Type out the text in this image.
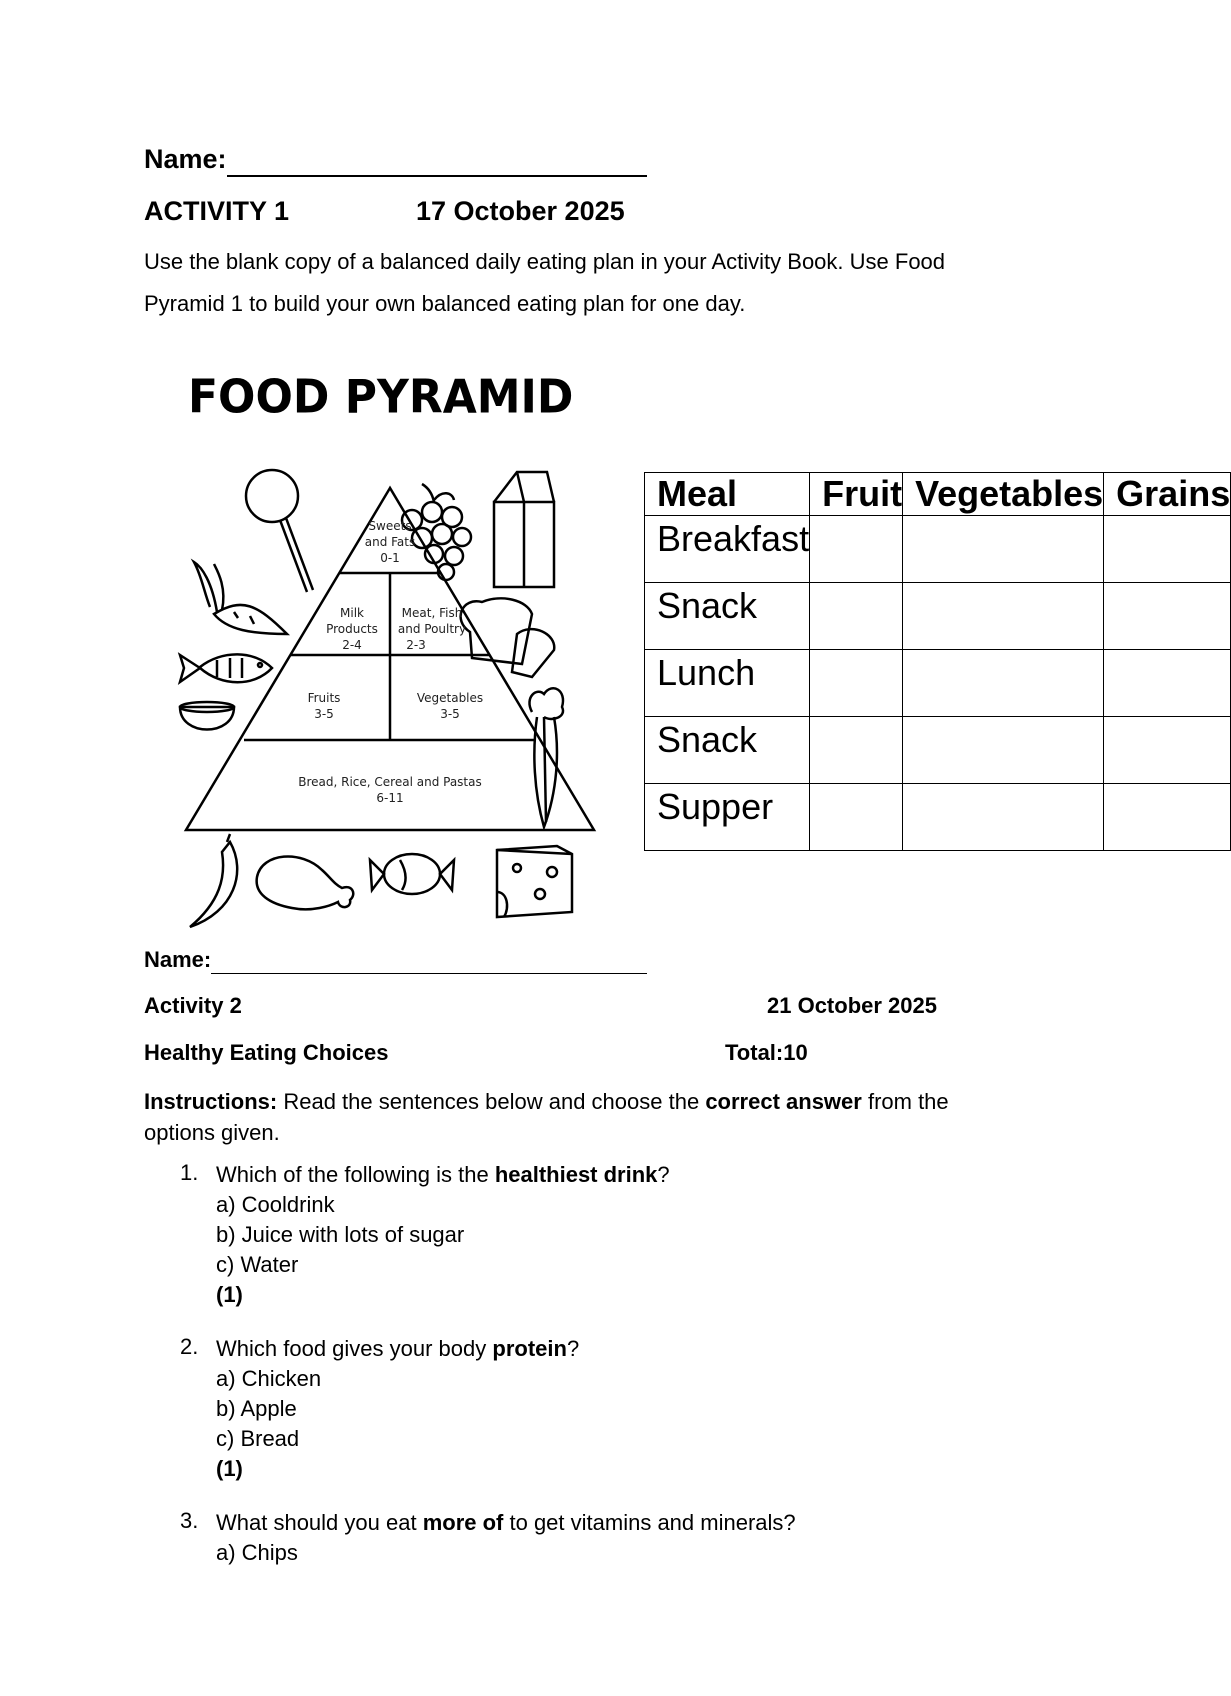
Name:
ACTIVITY 1	17 October 2025
Use the blank copy of a balanced daily eating plan in your Activity Book. Use Food
Pyramid 1 to build your own balanced eating plan for one day.
FOOD PYRAMID
Sweets
and Fats
0-1
Milk
Products
2-4
Meat, Fish
and Poultry
2-3
Fruits
3-5
Vegetables
3-5
Bread, Rice, Cereal and Pastas
6-11
Meal	Fruit	Vegetables	Grains
Breakfast			
Snack			
Lunch			
Snack			
Supper			
Name:
Activity 2	21 October 2025
Healthy Eating Choices	Total:10
Instructions: Read the sentences below and choose the correct answer from the
options given.
1. Which of the following is the healthiest drink?
a) Cooldrink
b) Juice with lots of sugar
c) Water
(1)
2. Which food gives your body protein?
a) Chicken
b) Apple
c) Bread
(1)
3. What should you eat more of to get vitamins and minerals?
a) Chips
